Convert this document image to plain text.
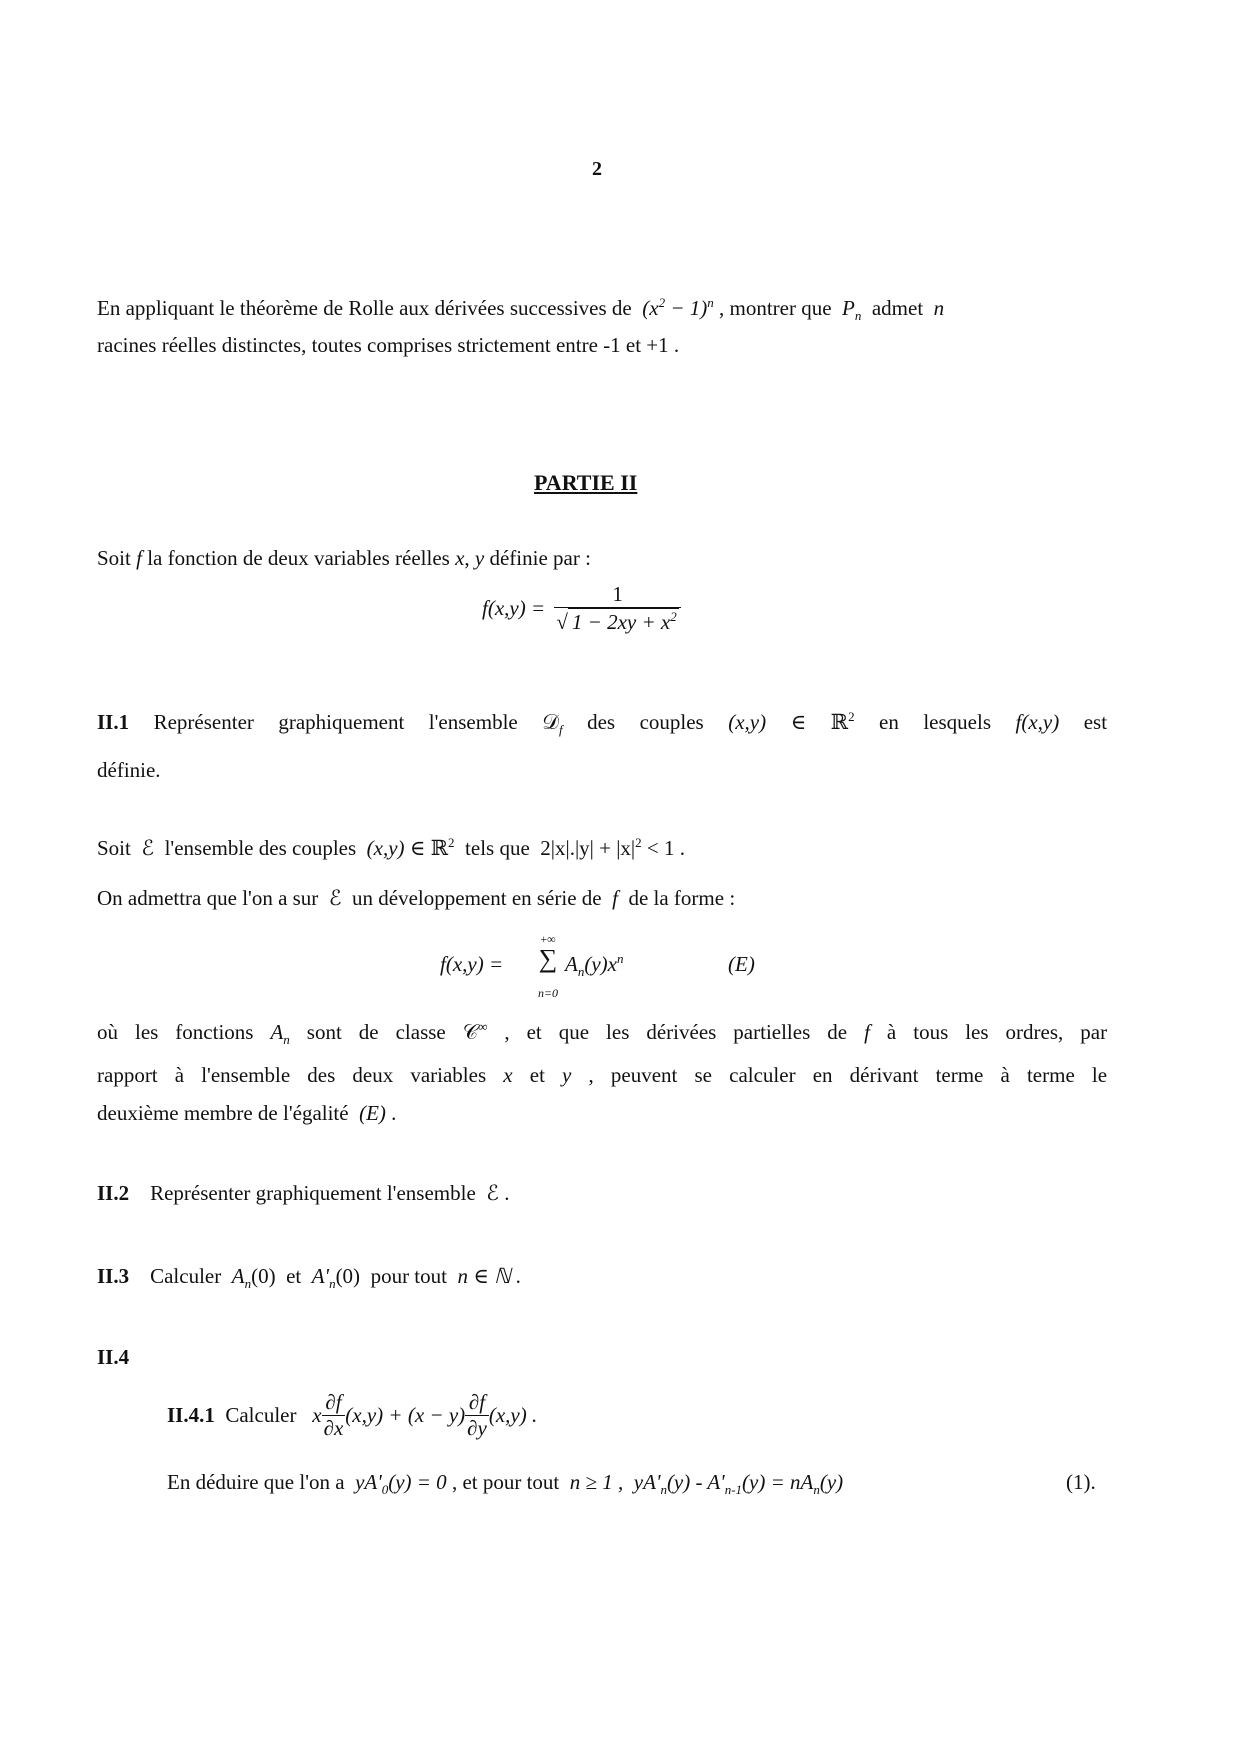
2
En appliquant le théorème de Rolle aux dérivées successives de $(x^2 - 1)^n$ , montrer que $P_n$ admet n
racines réelles distinctes, toutes comprises strictement entre -1 et +1 .
PARTIE II
Soit f la fonction de deux variables réelles x, y définie par :
$f(x,y) = \frac{1}{√ 1 - 2xy + x^2}$
II.1 Représenter graphiquement l'ensemble 𝒟$_f$ des couples (x,y) ∈ ℝ$^2$ en lesquels f(x,y) est
définie.
Soit ℰ l'ensemble des couples (x,y) ∈ ℝ$^2$ tels que $2|x|.|y| + |x|^2 < 1$ .
On admettra que l'on a sur ℰ un développement en série de f de la forme :
f(x,y) =
+∞
∑
n=0
$A_n(y)x^n$	(E)
où les fonctions $A_n$ sont de classe 𝒞∞ , et que les dérivées partielles de f à tous les ordres, par
rapport à l'ensemble des deux variables x et y , peuvent se calculer en dérivant terme à terme le
deuxième membre de l'égalité (E) .
II.2 Représenter graphiquement l'ensemble ℰ .
II.3 Calculer $A_n(0)$ et $A'_n(0)$ pour tout n ∈ ℕ .
II.4
II.4.1 Calculer x $\frac{\partial f}{\partial x} (x,y) + (x - y) \frac{\partial f}{\partial y} (x,y)$ .
En déduire que l'on a $yA'_0(y) = 0$ , et pour tout n ≥ 1 , $yA'_n(y) - A'_{n-1}(y) = nA_n(y)$	(1).
